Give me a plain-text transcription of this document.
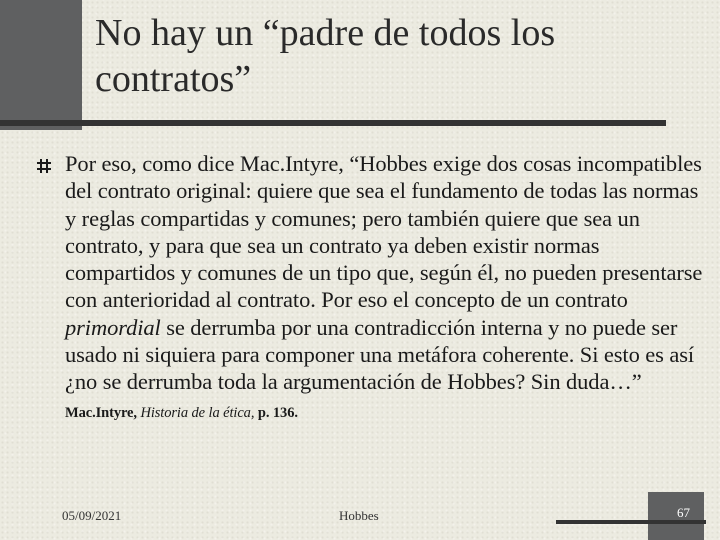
No hay un “padre de todos los contratos”

Por eso, como dice Mac.Intyre, “Hobbes exige dos cosas incompatibles del contrato original: quiere que sea el fundamento de todas las normas y reglas compartidas y comunes; pero también quiere que sea un contrato, y para que sea un contrato ya deben existir normas compartidos y comunes de un tipo que, según él, no pueden presentarse con anterioridad al contrato. Por eso el concepto de un contrato primordial se derrumba por una contradicción interna y no puede ser usado ni siquiera para componer una metáfora coherente. Si esto es así ¿no se derrumba toda la argumentación de Hobbes? Sin duda…” Mac.Intyre, Historia de la ética, p. 136.

05/09/2021	Hobbes	67
